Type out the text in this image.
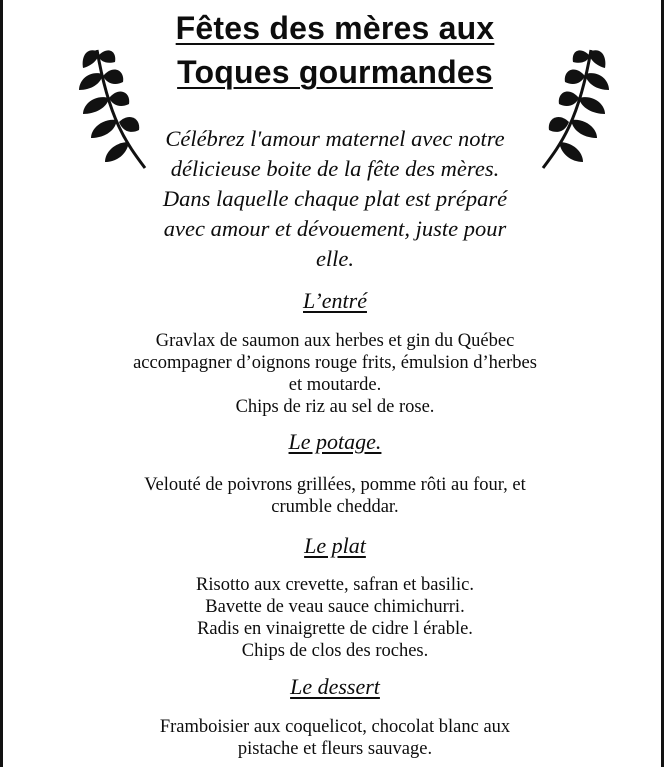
Fêtes des mères aux
Toques gourmandes
Célébrez l'amour maternel avec notre
délicieuse boite de la fête des mères.
Dans laquelle chaque plat est préparé
avec amour et dévouement, juste pour
elle.
L’entré
Gravlax de saumon aux herbes et gin du Québec
accompagner d’oignons rouge frits, émulsion d’herbes
et moutarde.
Chips de riz au sel de rose.
Le potage.
Velouté de poivrons grillées, pomme rôti au four, et
crumble cheddar.
Le plat
Risotto aux crevette, safran et basilic.
Bavette de veau sauce chimichurri.
Radis en vinaigrette de cidre l érable.
Chips de clos des roches.
Le dessert
Framboisier aux coquelicot, chocolat blanc aux
pistache et fleurs sauvage.
